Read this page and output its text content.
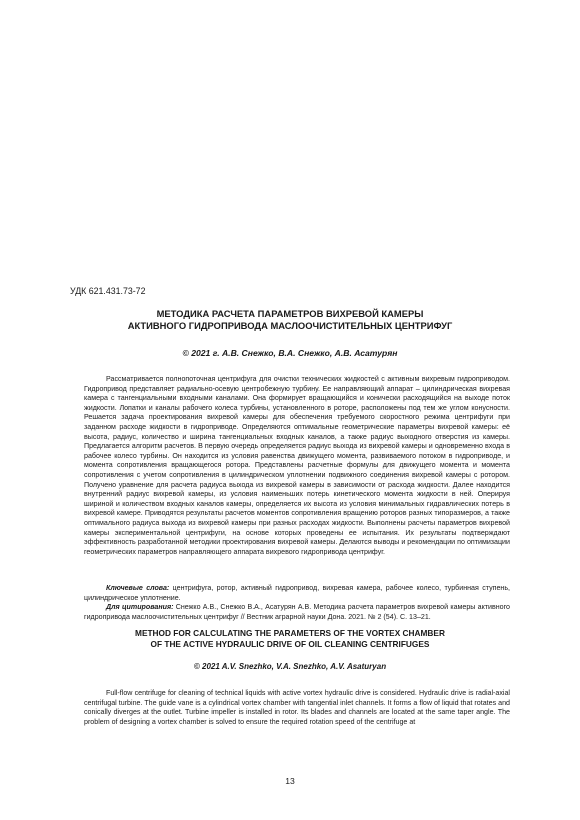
УДК 621.431.73-72
МЕТОДИКА РАСЧЕТА ПАРАМЕТРОВ ВИХРЕВОЙ КАМЕРЫ
АКТИВНОГО ГИДРОПРИВОДА МАСЛООЧИСТИТЕЛЬНЫХ ЦЕНТРИФУГ
© 2021 г. А.В. Снежко, В.А. Снежко, А.В. Асатурян

Рассматривается полнопоточная центрифуга для очистки технических жидкостей с активным вихревым гидроприводом. Гидропривод представляет радиально-осевую центробежную турбину. Ее направляющий аппарат – цилиндрическая вихревая камера с тангенциальными входными каналами. Она формирует вращающийся и конически расходящийся на выходе поток жидкости. Лопатки и каналы рабочего колеса турбины, установленного в роторе, расположены под тем же углом конусности. Решается задача проектирования вихревой камеры для обеспечения требуемого скоростного режима центрифуги при заданном расходе жидкости в гидроприводе. Определяются оптимальные геометрические параметры вихревой камеры: её высота, радиус, количество и ширина тангенциальных входных каналов, а также радиус выходного отверстия из камеры. Предлагается алгоритм расчетов. В первую очередь определяется радиус выхода из вихревой камеры и одновременно входа в рабочее колесо турбины. Он находится из условия равенства движущего момента, развиваемого потоком в гидроприводе, и момента сопротивления вращающегося ротора. Представлены расчетные формулы для движущего момента и момента сопротивления с учетом сопротивления в цилиндрическом уплотнении подвижного соединения вихревой камеры с ротором. Получено уравнение для расчета радиуса выхода из вихревой камеры в зависимости от расхода жидкости. Далее находится внутренний радиус вихревой камеры, из условия наименьших потерь кинетического момента жидкости в ней. Оперируя шириной и количеством входных каналов камеры, определяется их высота из условия минимальных гидравлических потерь в вихревой камере. Приводятся результаты расчетов моментов сопротивления вращению роторов разных типоразмеров, а также оптимального радиуса выхода из вихревой камеры при разных расходах жидкости. Выполнены расчеты параметров вихревой камеры экспериментальной центрифуги, на основе которых проведены ее испытания. Их результаты подтверждают эффективность разработанной методики проектирования вихревой камеры. Делаются выводы и рекомендации по оптимизации геометрических параметров направляющего аппарата вихревого гидропривода центрифуг.

Ключевые слова: центрифуга, ротор, активный гидропривод, вихревая камера, рабочее колесо, турбинная ступень, цилиндрическое уплотнение.

Для цитирования: Снежко А.В., Снежко В.А., Асатурян А.В. Методика расчета параметров вихревой камеры активного гидропривода маслоочистительных центрифуг // Вестник аграрной науки Дона. 2021. № 2 (54). С. 13–21.

METHOD FOR CALCULATING THE PARAMETERS OF THE VORTEX CHAMBER
OF THE ACTIVE HYDRAULIC DRIVE OF OIL CLEANING CENTRIFUGES
© 2021 A.V. Snezhko, V.A. Snezhko, A.V. Asaturyan

Full-flow centrifuge for cleaning of technical liquids with active vortex hydraulic drive is considered. Hydraulic drive is radial-axial centrifugal turbine. The guide vane is a cylindrical vortex chamber with tangential inlet channels. It forms a flow of liquid that rotates and conically diverges at the outlet. Turbine impeller is installed in rotor. Its blades and channels are located at the same taper angle. The problem of designing a vortex chamber is solved to ensure the required rotation speed of the centrifuge at

13
